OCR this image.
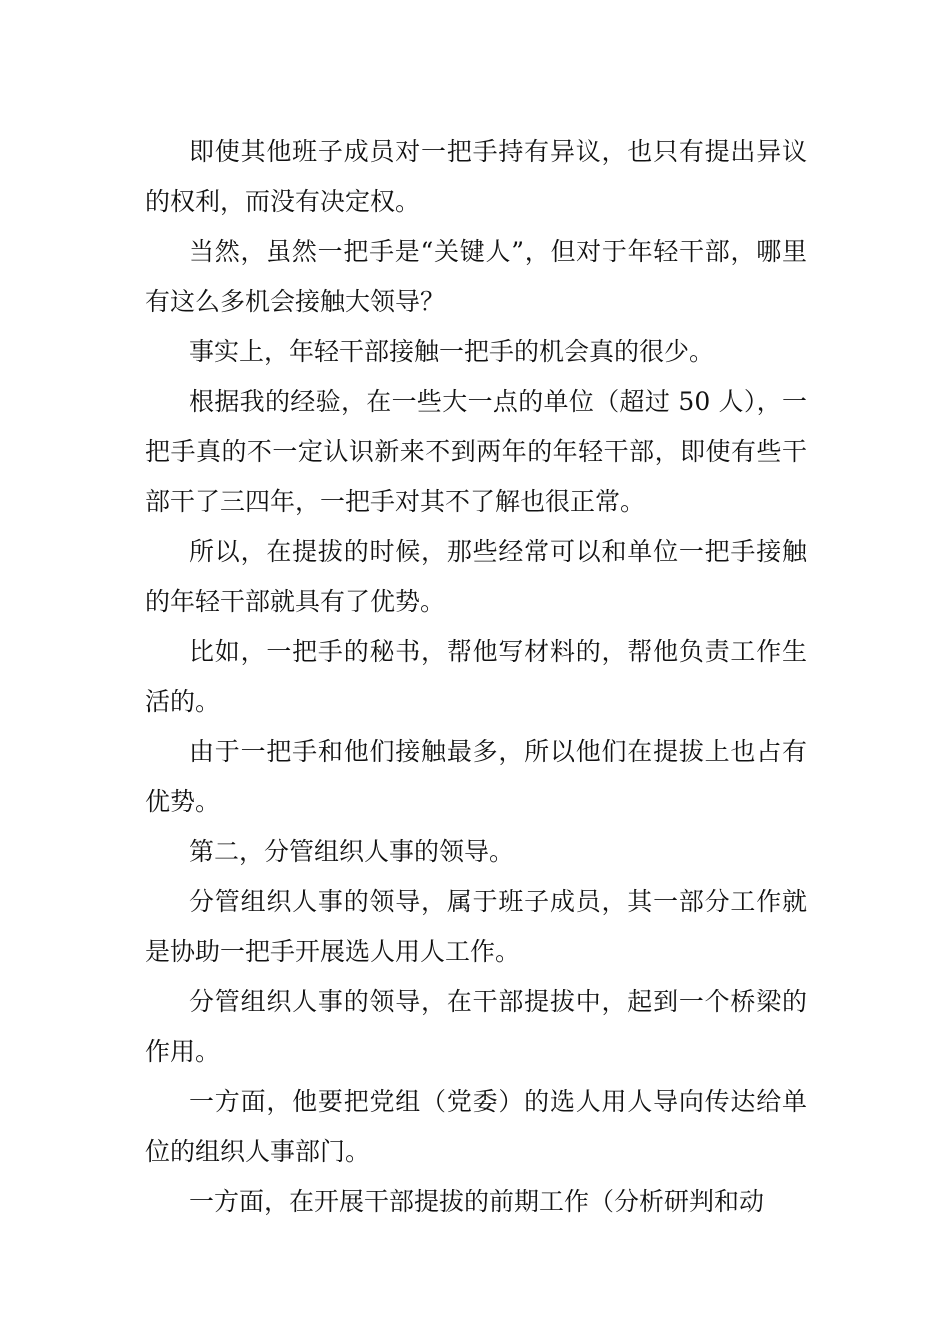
即使其他班子成员对一把手持有异议，也只有提出异议的权利，而没有决定权。

当然，虽然一把手是“关键人”，但对于年轻干部，哪里有这么多机会接触大领导？

事实上，年轻干部接触一把手的机会真的很少。

根据我的经验，在一些大一点的单位（超过 50 人），一把手真的不一定认识新来不到两年的年轻干部，即使有些干部干了三四年，一把手对其不了解也很正常。

所以，在提拔的时候，那些经常可以和单位一把手接触的年轻干部就具有了优势。

比如，一把手的秘书，帮他写材料的，帮他负责工作生活的。

由于一把手和他们接触最多，所以他们在提拔上也占有优势。

第二，分管组织人事的领导。

分管组织人事的领导，属于班子成员，其一部分工作就是协助一把手开展选人用人工作。

分管组织人事的领导，在干部提拔中，起到一个桥梁的作用。

一方面，他要把党组（党委）的选人用人导向传达给单位的组织人事部门。

一方面，在开展干部提拔的前期工作（分析研判和动
